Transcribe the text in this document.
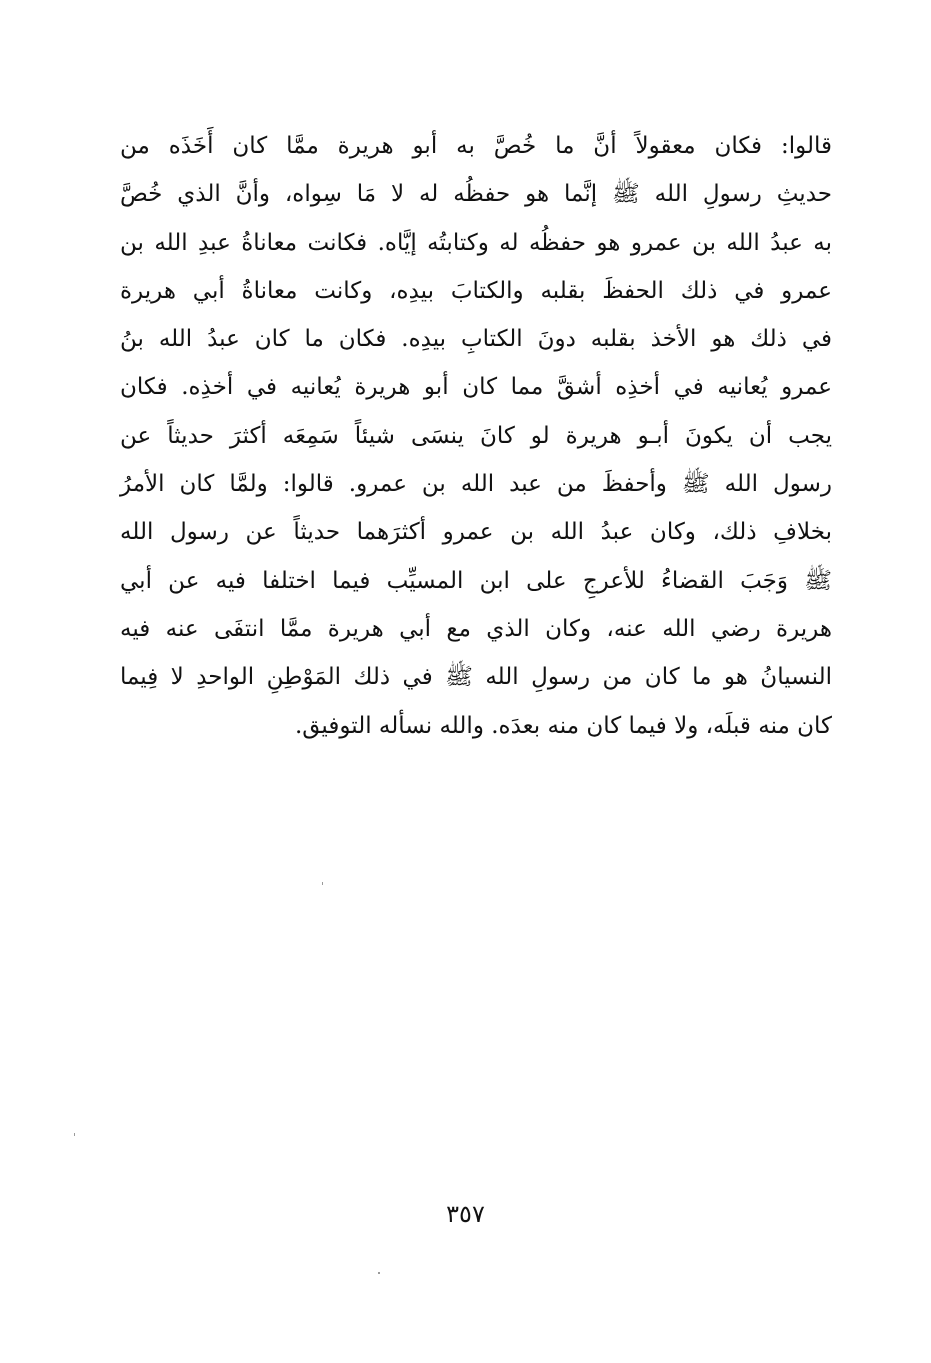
قالوا: فكان معقولاً أنَّ ما خُصَّ به أبو هريرة ممَّا كان أَخَذَه من
حديثِ رسولِ الله ﷺ إنَّما هو حفظُه له لا مَا سِواه، وأنَّ الذي خُصَّ
به عبدُ الله بن عمرو هو حفظُه له وكتابتُه إيَّاه. فكانت معاناةُ عبدِ الله بن
عمرو في ذلك الحفظَ بقلبه والكتابَ بيدِه، وكانت معاناةُ أبي هريرة
في ذلك هو الأخذ بقلبه دونَ الكتابِ بيدِه. فكان ما كان عبدُ الله بنُ
عمرو يُعانيه في أخذِه أشقَّ مما كان أبو هريرة يُعانيه في أخذِه. فكان
يجب أن يكونَ أبـو هريرة لو كانَ ينسَى شيئاً سَمِعَه أكثرَ حديثاً عن
رسول الله ﷺ وأحفظَ من عبد الله بن عمرو. قالوا: ولمَّا كان الأمرُ
بخلافِ ذلك، وكان عبدُ الله بن عمرو أكثرَهما حديثاً عن رسول الله
ﷺ وَجَبَ القضاءُ للأعرجِ على ابن المسيِّب فيما اختلفا فيه عن أبي
هريرة رضي الله عنه، وكان الذي مع أبي هريرة ممَّا انتفَى عنه فيه
النسيانُ هو ما كان من رسولِ الله ﷺ في ذلك المَوْطِنِ الواحدِ لا فِيما
كان منه قبلَه، ولا فيما كان منه بعدَه. والله نسأله التوفيق.
٣٥٧
